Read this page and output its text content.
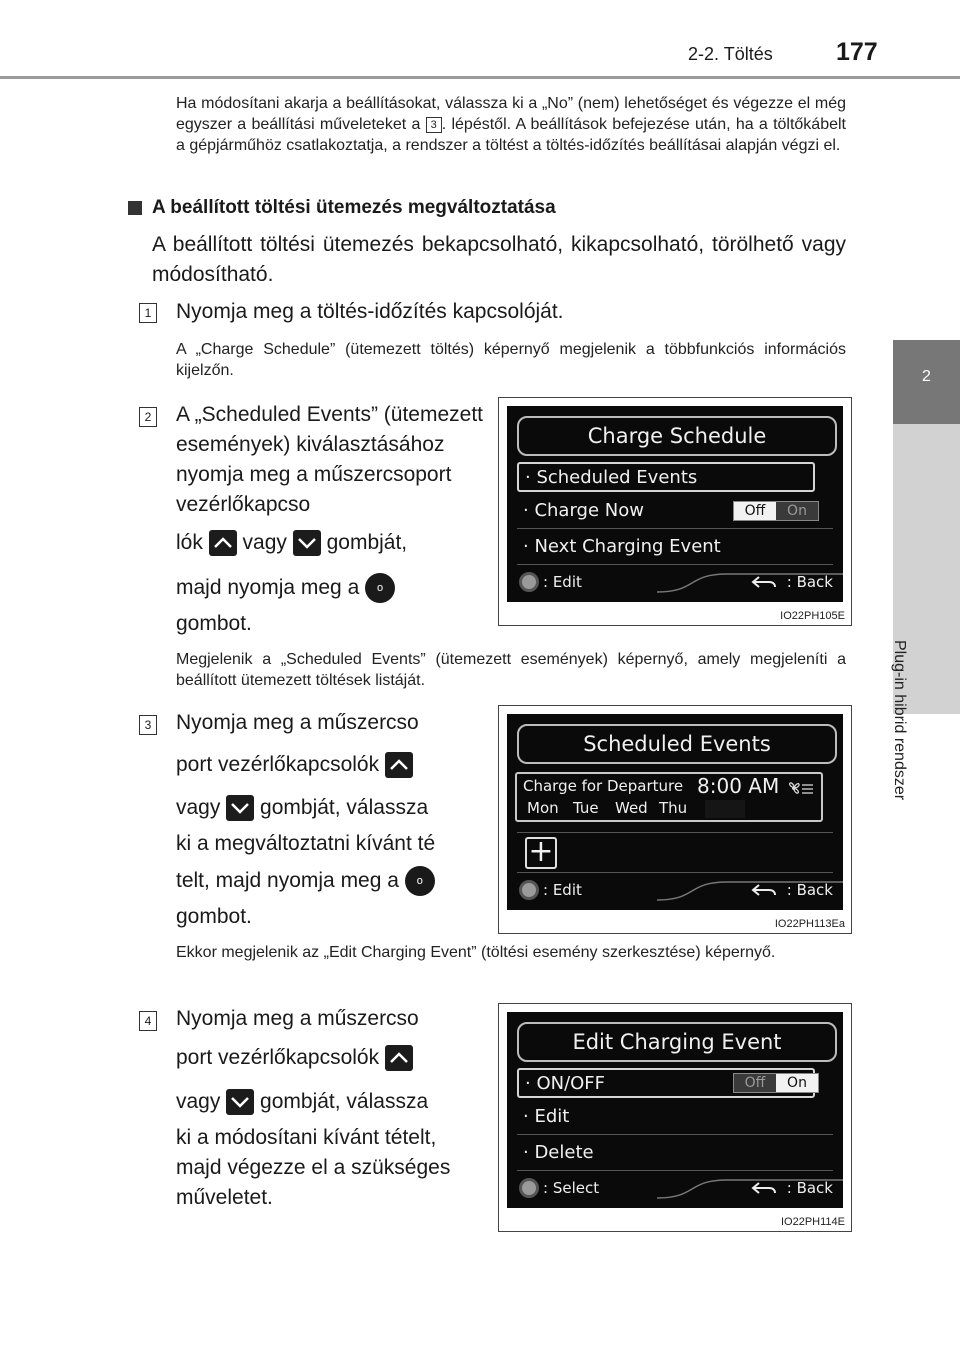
2-2. Töltés	177
2
Plug-in hibrid rendszer
Ha módosítani akarja a beállításokat, válassza ki a „No” (nem) lehetőséget és végezze el még egyszer a beállítási műveleteket a 3 . lépéstől. A beállítások befejezése után, ha a töltőkábelt a gépjárműhöz csatlakoztatja, a rendszer a töltést a töltés-időzítés beállításai alapján végzi el.
A beállított töltési ütemezés megváltoztatása
A beállított töltési ütemezés bekapcsolható, kikapcsolható, törölhető vagy módosítható.
1 Nyomja meg a töltés-időzítés kapcsolóját.
A „Charge Schedule” (ütemezett töltés) képernyő megjelenik a többfunkciós információs kijelzőn.
2 A „Scheduled Events” (ütemezett események) kiválasztásához nyomja meg a műszercsoport vezérlőkapcso
lók vagy gombját,
majd nyomja meg a o
gombot.
Megjelenik a „Scheduled Events” (ütemezett események) képernyő, amely megjeleníti a beállított ütemezett töltések listáját.
Charge Schedule
· Scheduled Events
· Charge Now	Off	On
· Next Charging Event
: Edit	: Back
IO22PH105E
3 Nyomja meg a műszercso
port vezérlőkapcsolók
vagy gombját, válassza
ki a megváltoztatni kívánt té
telt, majd nyomja meg a o
gombot.
Ekkor megjelenik az „Edit Charging Event” (töltési esemény szerkesztése) képernyő.
Scheduled Events
Charge for Departure 8:00 AM
Mon Tue Wed Thu
+
: Edit	: Back
IO22PH113Ea
4 Nyomja meg a műszercso
port vezérlőkapcsolók
vagy gombját, válassza
ki a módosítani kívánt tételt,
majd végezze el a szükséges
műveletet.
Edit Charging Event
· ON/OFF	Off	On
· Edit
· Delete
: Select	: Back
IO22PH114E
